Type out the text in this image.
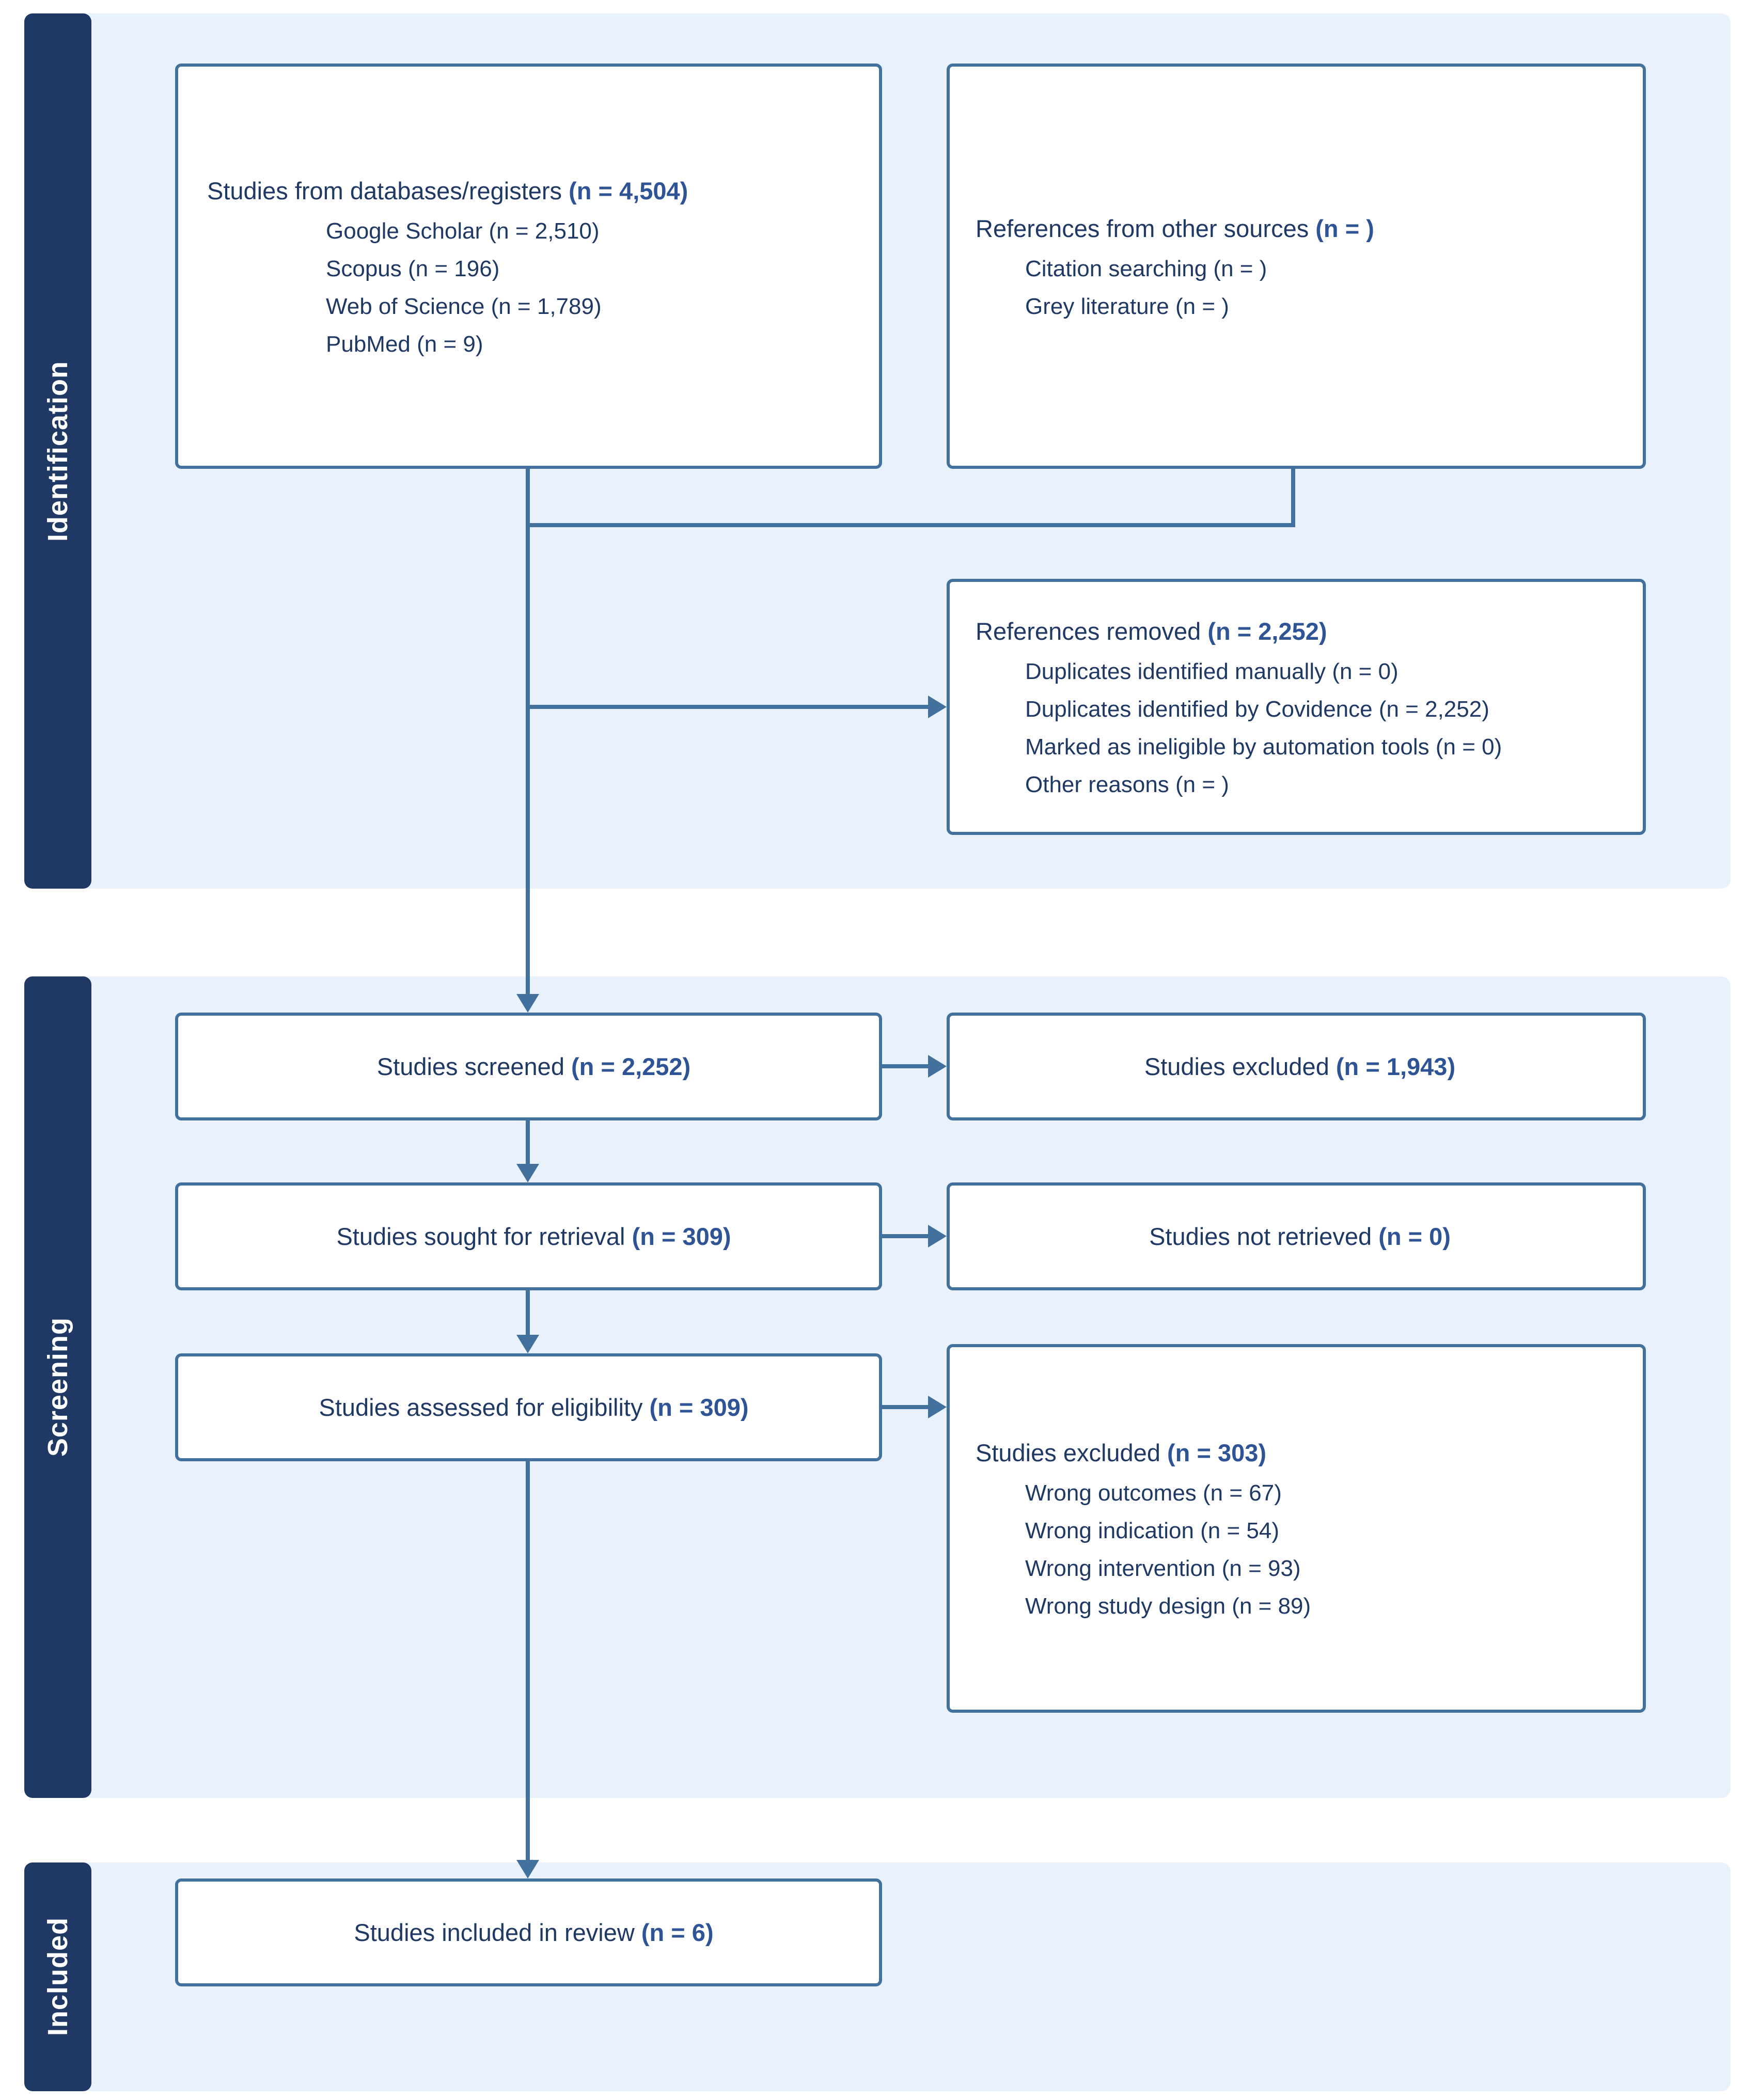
Identification
Screening
Included
Studies from databases/registers (n = 4,504)
Google Scholar (n = 2,510)
Scopus (n = 196)
Web of Science (n = 1,789)
PubMed (n = 9)
References from other sources (n = )
Citation searching (n = )
Grey literature (n = )
References removed (n = 2,252)
Duplicates identified manually (n = 0)
Duplicates identified by Covidence (n = 2,252)
Marked as ineligible by automation tools (n = 0)
Other reasons (n = )
Studies screened (n = 2,252)	Studies excluded (n = 1,943)
Studies sought for retrieval (n = 309)	Studies not retrieved (n = 0)
Studies assessed for eligibility (n = 309)
Studies excluded (n = 303)
Wrong outcomes (n = 67)
Wrong indication (n = 54)
Wrong intervention (n = 93)
Wrong study design (n = 89)
Studies included in review (n = 6)
